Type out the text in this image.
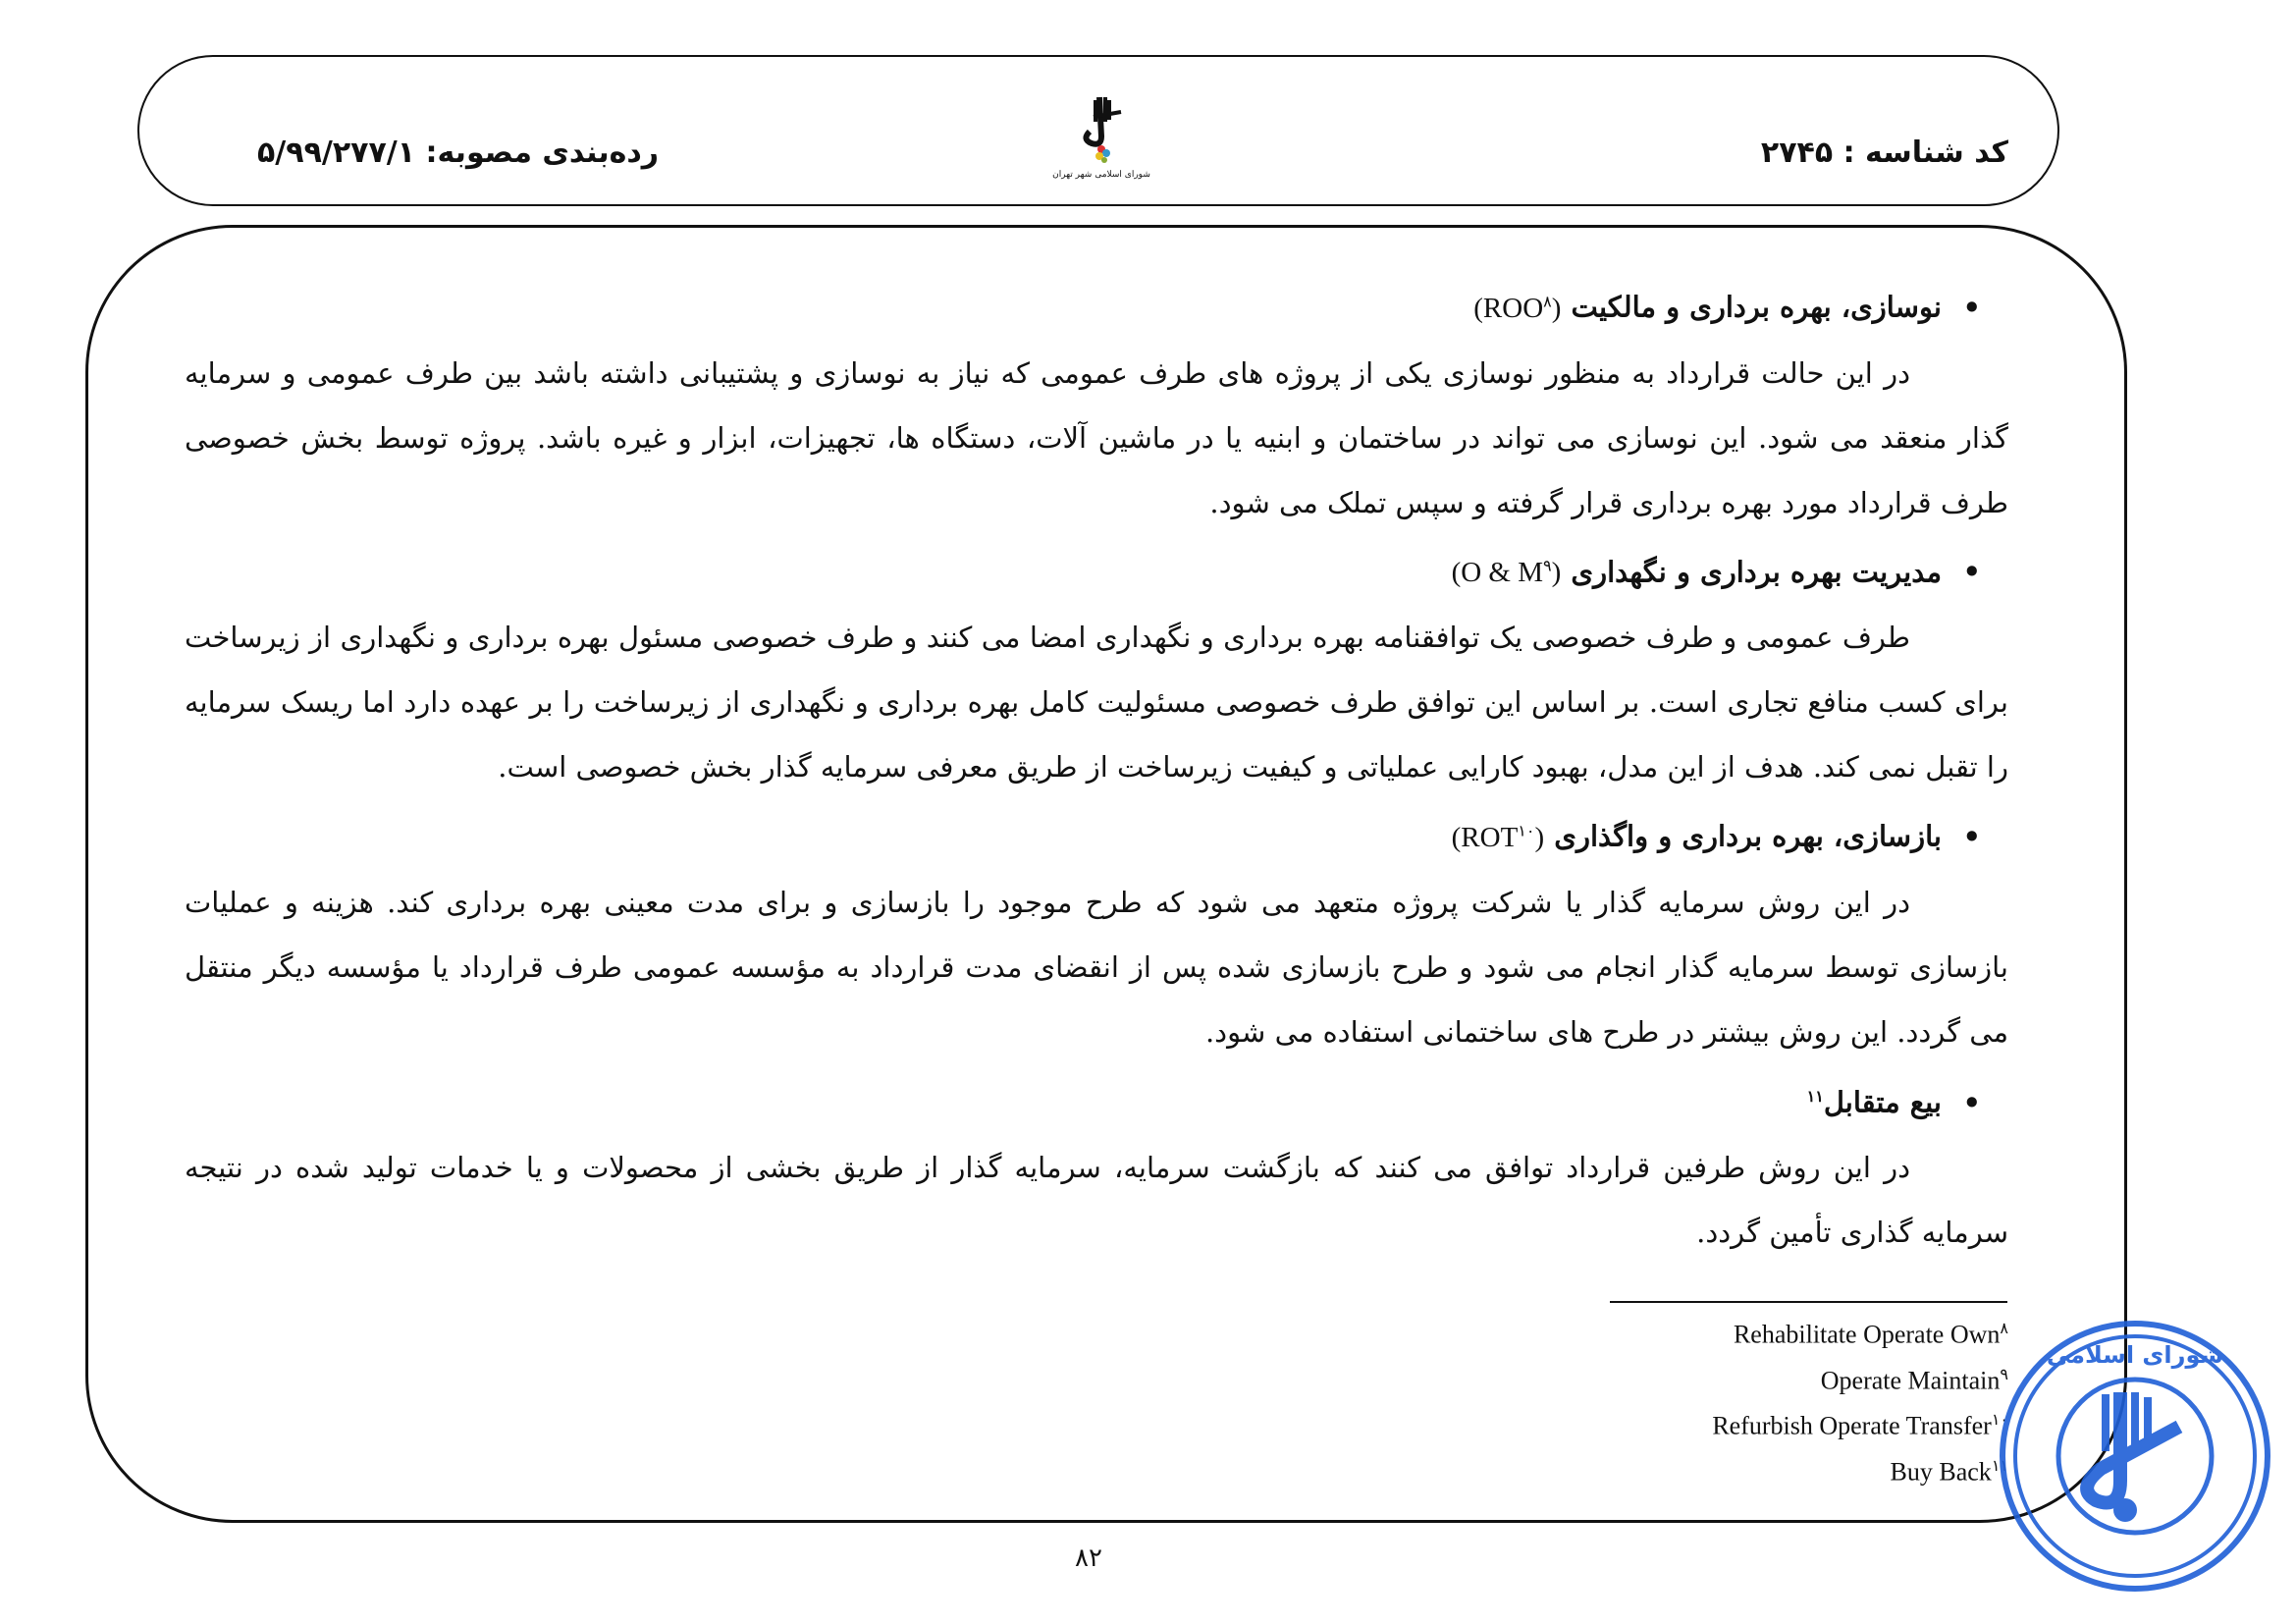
کد شناسه : ۲۷۴۵
شورای اسلامی شهر تهران
رده‌بندی مصوبه: ۵/۹۹/۲۷۷/۱

•نوسازی، بهره برداری و مالکیت (ROO$^۸$)

در این حالت قرارداد به منظور نوسازی یکی از پروژه های طرف عمومی که نیاز به نوسازی و پشتیبانی داشته باشد بین طرف عمومی و سرمایه گذار منعقد می شود. این نوسازی می تواند در ساختمان و ابنیه یا در ماشین آلات، دستگاه ها، تجهیزات، ابزار و غیره باشد. پروژه توسط بخش خصوصی طرف قرارداد مورد بهره برداری قرار گرفته و سپس تملک می شود.

•مدیریت بهره برداری و نگهداری (O & $M^۹$)

طرف عمومی و طرف خصوصی یک توافقنامه بهره برداری و نگهداری امضا می کنند و طرف خصوصی مسئول بهره برداری و نگهداری از زیرساخت برای کسب منافع تجاری است. بر اساس این توافق طرف خصوصی مسئولیت کامل بهره برداری و نگهداری از زیرساخت را بر عهده دارد اما ریسک سرمایه را تقبل نمی کند. هدف از این مدل، بهبود کارایی عملیاتی و کیفیت زیرساخت از طریق معرفی سرمایه گذار بخش خصوصی است.

•بازسازی، بهره برداری و واگذاری (ROT$^{۱۰}$)

در این روش سرمایه گذار یا شرکت پروژه متعهد می شود که طرح موجود را بازسازی و برای مدت معینی بهره برداری کند. هزینه و عملیات بازسازی توسط سرمایه گذار انجام می شود و طرح بازسازی شده پس از انقضای مدت قرارداد به مؤسسه عمومی طرف قرارداد یا مؤسسه دیگر منتقل می گردد. این روش بیشتر در طرح های ساختمانی استفاده می شود.

•بیع متقابل$^{۱۱}$

در این روش طرفین قرارداد توافق می کنند که بازگشت سرمایه، سرمایه گذار از طریق بخشی از محصولات و یا خدمات تولید شده در نتیجه سرمایه گذاری تأمین گردد.

Rehabilitate Operate Own$^۸$
Operate Maintain$^۹$
Refurbish Operate Transfer$^{۱۰}$
Buy Back$^{۱۱}$
۸۲
شورای اسلامی
